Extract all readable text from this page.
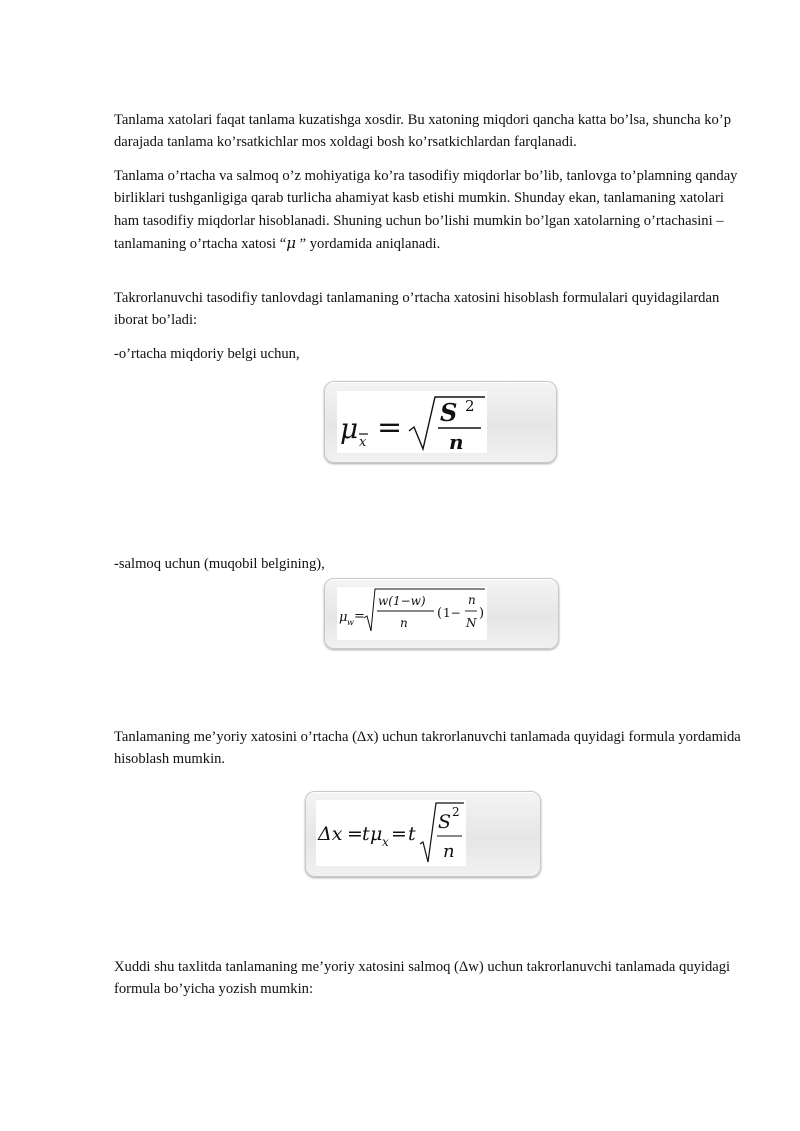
Tanlama xatolari faqat tanlama kuzatishga xosdir. Bu xatoning miqdori qancha katta bo’lsa, shuncha ko’p darajada tanlama ko’rsatkichlar mos xoldagi bosh ko’rsatkichlardan farqlanadi.

Tanlama o’rtacha va salmoq o’z mohiyatiga ko’ra tasodifiy miqdorlar bo’lib, tanlovga to’plamning qanday birliklari tushganligiga qarab turlicha ahamiyat kasb etishi mumkin. Shunday ekan, tanlamaning xatolari ham tasodifiy miqdorlar hisoblanadi. Shuning uchun bo’lishi mumkin bo’lgan xatolarning o’rtachasini – tanlamaning o’rtacha xatosi “μ ” yordamida aniqlanadi.

Takrorlanuvchi tasodifiy tanlovdagi tanlamaning o’rtacha xatosini hisoblash formulalari quyidagilardan iborat bo’ladi:

-o’rtacha miqdoriy belgi uchun,

μ x = S 2
n

-salmoq uchun (muqobil belgining),

μ w =
w(1−w)
n
( 1−
n
N
)

Tanlamaning me’yoriy xatosini o’rtacha (Δx) uchun takrorlanuvchi tanlamada quyidagi formula yordamida hisoblash mumkin.

Δx = t μ x = t
S 2
n

Xuddi shu taxlitda tanlamaning me’yoriy xatosini salmoq (Δw) uchun takrorlanuvchi tanlamada quyidagi formula bo’yicha yozish mumkin:
